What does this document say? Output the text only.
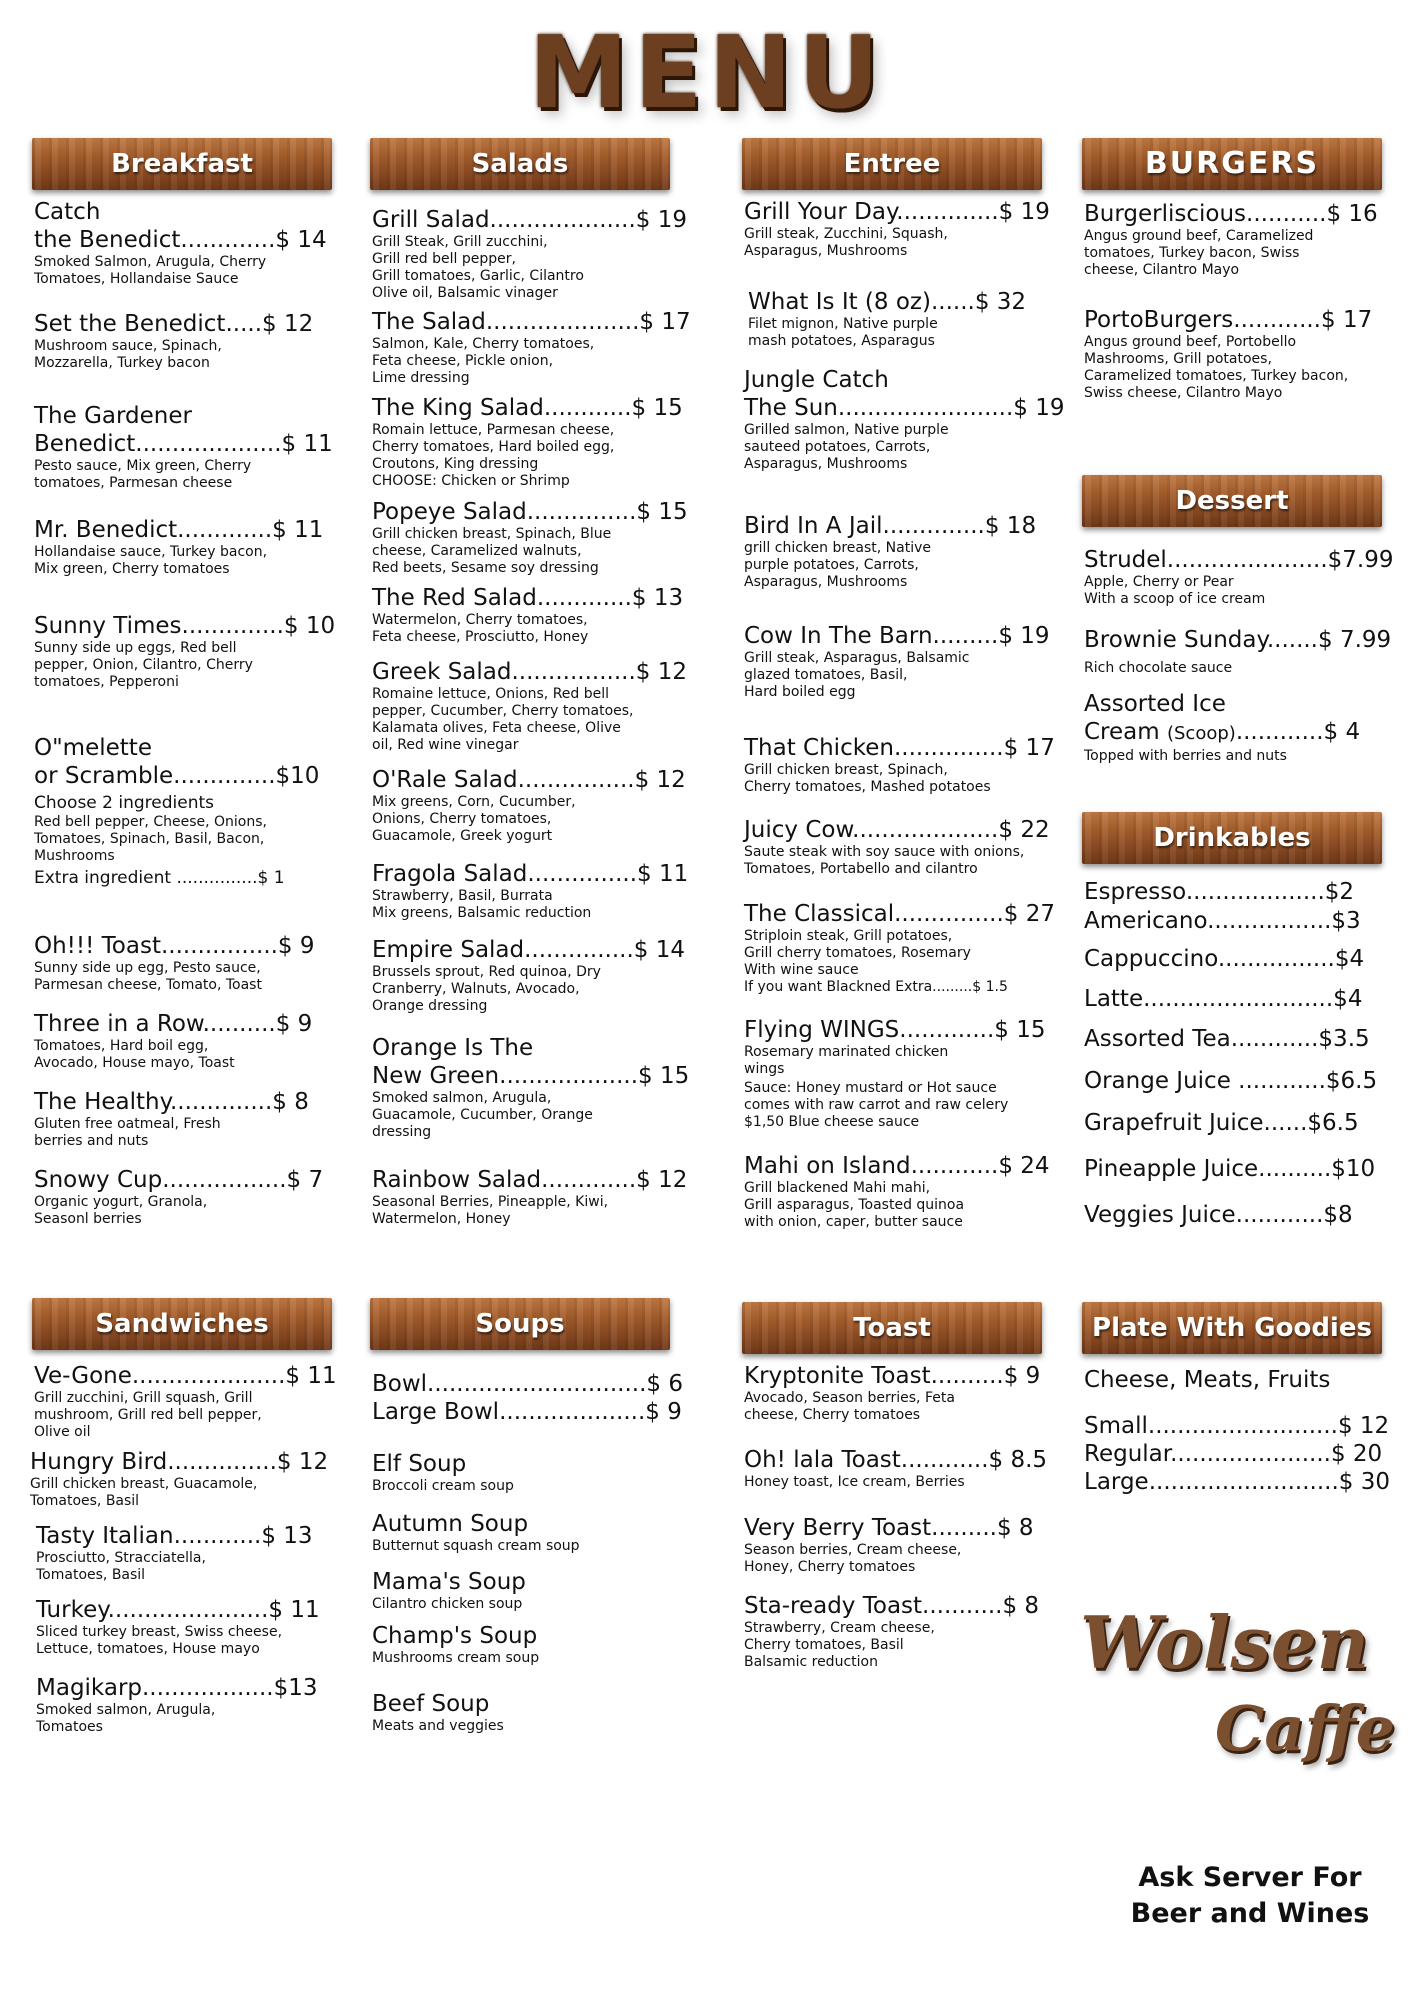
MENU
Breakfast
Catch
the Benedict.............$ 14
Smoked Salmon, Arugula, Cherry
Tomatoes, Hollandaise Sauce
Set the Benedict.....$ 12
Mushroom sauce, Spinach,
Mozzarella, Turkey bacon
The Gardener
Benedict....................$ 11
Pesto sauce, Mix green, Cherry
tomatoes, Parmesan cheese
Mr. Benedict.............$ 11
Hollandaise sauce, Turkey bacon,
Mix green, Cherry tomatoes
Sunny Times..............$ 10
Sunny side up eggs, Red bell
pepper, Onion, Cilantro, Cherry
tomatoes, Pepperoni
O"melette
or Scramble..............$10
Choose 2 ingredients
Red bell pepper, Cheese, Onions,
Tomatoes, Spinach, Basil, Bacon,
Mushrooms
Extra ingredient ...............$ 1
Oh!!! Toast................$ 9
Sunny side up egg, Pesto sauce,
Parmesan cheese, Tomato, Toast
Three in a Row..........$ 9
Tomatoes, Hard boil egg,
Avocado, House mayo, Toast
The Healthy..............$ 8
Gluten free oatmeal, Fresh
berries and nuts
Snowy Cup.................$ 7
Organic yogurt, Granola,
Seasonl berries
Salads
Grill Salad....................$ 19
Grill Steak, Grill zucchini,
Grill red bell pepper,
Grill tomatoes, Garlic, Cilantro
Olive oil, Balsamic vinager
The Salad.....................$ 17
Salmon, Kale, Cherry tomatoes,
Feta cheese, Pickle onion,
Lime dressing
The King Salad............$ 15
Romain lettuce, Parmesan cheese,
Cherry tomatoes, Hard boiled egg,
Croutons, King dressing
CHOOSE: Chicken or Shrimp
Popeye Salad...............$ 15
Grill chicken breast, Spinach, Blue
cheese, Caramelized walnuts,
Red beets, Sesame soy dressing
The Red Salad.............$ 13
Watermelon, Cherry tomatoes,
Feta cheese, Prosciutto, Honey
Greek Salad.................$ 12
Romaine lettuce, Onions, Red bell
pepper, Cucumber, Cherry tomatoes,
Kalamata olives, Feta cheese, Olive
oil, Red wine vinegar
O'Rale Salad................$ 12
Mix greens, Corn, Cucumber,
Onions, Cherry tomatoes,
Guacamole, Greek yogurt
Fragola Salad...............$ 11
Strawberry, Basil, Burrata
Mix greens, Balsamic reduction
Empire Salad...............$ 14
Brussels sprout, Red quinoa, Dry
Cranberry, Walnuts, Avocado,
Orange dressing
Orange Is The
New Green...................$ 15
Smoked salmon, Arugula,
Guacamole, Cucumber, Orange
dressing
Rainbow Salad.............$ 12
Seasonal Berries, Pineapple, Kiwi,
Watermelon, Honey
Entree
Grill Your Day..............$ 19
Grill steak, Zucchini, Squash,
Asparagus, Mushrooms
What Is It (8 oz)......$ 32
Filet mignon, Native purple
mash potatoes, Asparagus
Jungle Catch
The Sun........................$ 19
Grilled salmon, Native purple
sauteed potatoes, Carrots,
Asparagus, Mushrooms
Bird In A Jail..............$ 18
grill chicken breast, Native
purple potatoes, Carrots,
Asparagus, Mushrooms
Cow In The Barn.........$ 19
Grill steak, Asparagus, Balsamic
glazed tomatoes, Basil,
Hard boiled egg
That Chicken...............$ 17
Grill chicken breast, Spinach,
Cherry tomatoes, Mashed potatoes
Juicy Cow....................$ 22
Saute steak with soy sauce with onions,
Tomatoes, Portabello and cilantro
The Classical...............$ 27
Striploin steak, Grill potatoes,
Grill cherry tomatoes, Rosemary
With wine sauce
If you want Blackned Extra.........$ 1.5
Flying WINGS.............$ 15
Rosemary marinated chicken
wings
Sauce: Honey mustard or Hot sauce
comes with raw carrot and raw celery
$1,50 Blue cheese sauce
Mahi on Island............$ 24
Grill blackened Mahi mahi,
Grill asparagus, Toasted quinoa
with onion, caper, butter sauce
BURGERS
Burgerliscious...........$ 16
Angus ground beef, Caramelized
tomatoes, Turkey bacon, Swiss
cheese, Cilantro Mayo
PortoBurgers............$ 17
Angus ground beef, Portobello
Mashrooms, Grill potatoes,
Caramelized tomatoes, Turkey bacon,
Swiss cheese, Cilantro Mayo
Dessert
Strudel......................$7.99
Apple, Cherry or Pear
With a scoop of ice cream
Brownie Sunday.......$ 7.99
Rich chocolate sauce
Assorted Ice
Cream (Scoop)............$ 4
Topped with berries and nuts
Drinkables
Espresso...................$2
Americano.................$3
Cappuccino................$4
Latte..........................$4
Assorted Tea............$3.5
Orange Juice ............$6.5
Grapefruit Juice......$6.5
Pineapple Juice..........$10
Veggies Juice............$8
Sandwiches
Ve-Gone.....................$ 11
Grill zucchini, Grill squash, Grill
mushroom, Grill red bell pepper,
Olive oil
Hungry Bird...............$ 12
Grill chicken breast, Guacamole,
Tomatoes, Basil
Tasty Italian............$ 13
Prosciutto, Stracciatella,
Tomatoes, Basil
Turkey......................$ 11
Sliced turkey breast, Swiss cheese,
Lettuce, tomatoes, House mayo
Magikarp..................$13
Smoked salmon, Arugula,
Tomatoes
Soups
Bowl..............................$ 6
Large Bowl....................$ 9
Elf Soup
Broccoli cream soup
Autumn Soup
Butternut squash cream soup
Mama's Soup
Cilantro chicken soup
Champ's Soup
Mushrooms cream soup
Beef Soup
Meats and veggies
Toast
Kryptonite Toast..........$ 9
Avocado, Season berries, Feta
cheese, Cherry tomatoes
Oh! lala Toast............$ 8.5
Honey toast, Ice cream, Berries
Very Berry Toast.........$ 8
Season berries, Cream cheese,
Honey, Cherry tomatoes
Sta-ready Toast...........$ 8
Strawberry, Cream cheese,
Cherry tomatoes, Basil
Balsamic reduction
Plate With Goodies
Cheese, Meats, Fruits
Small..........................$ 12
Regular......................$ 20
Large..........................$ 30
Wolsen
Caffe
Ask Server For
Beer and Wines
